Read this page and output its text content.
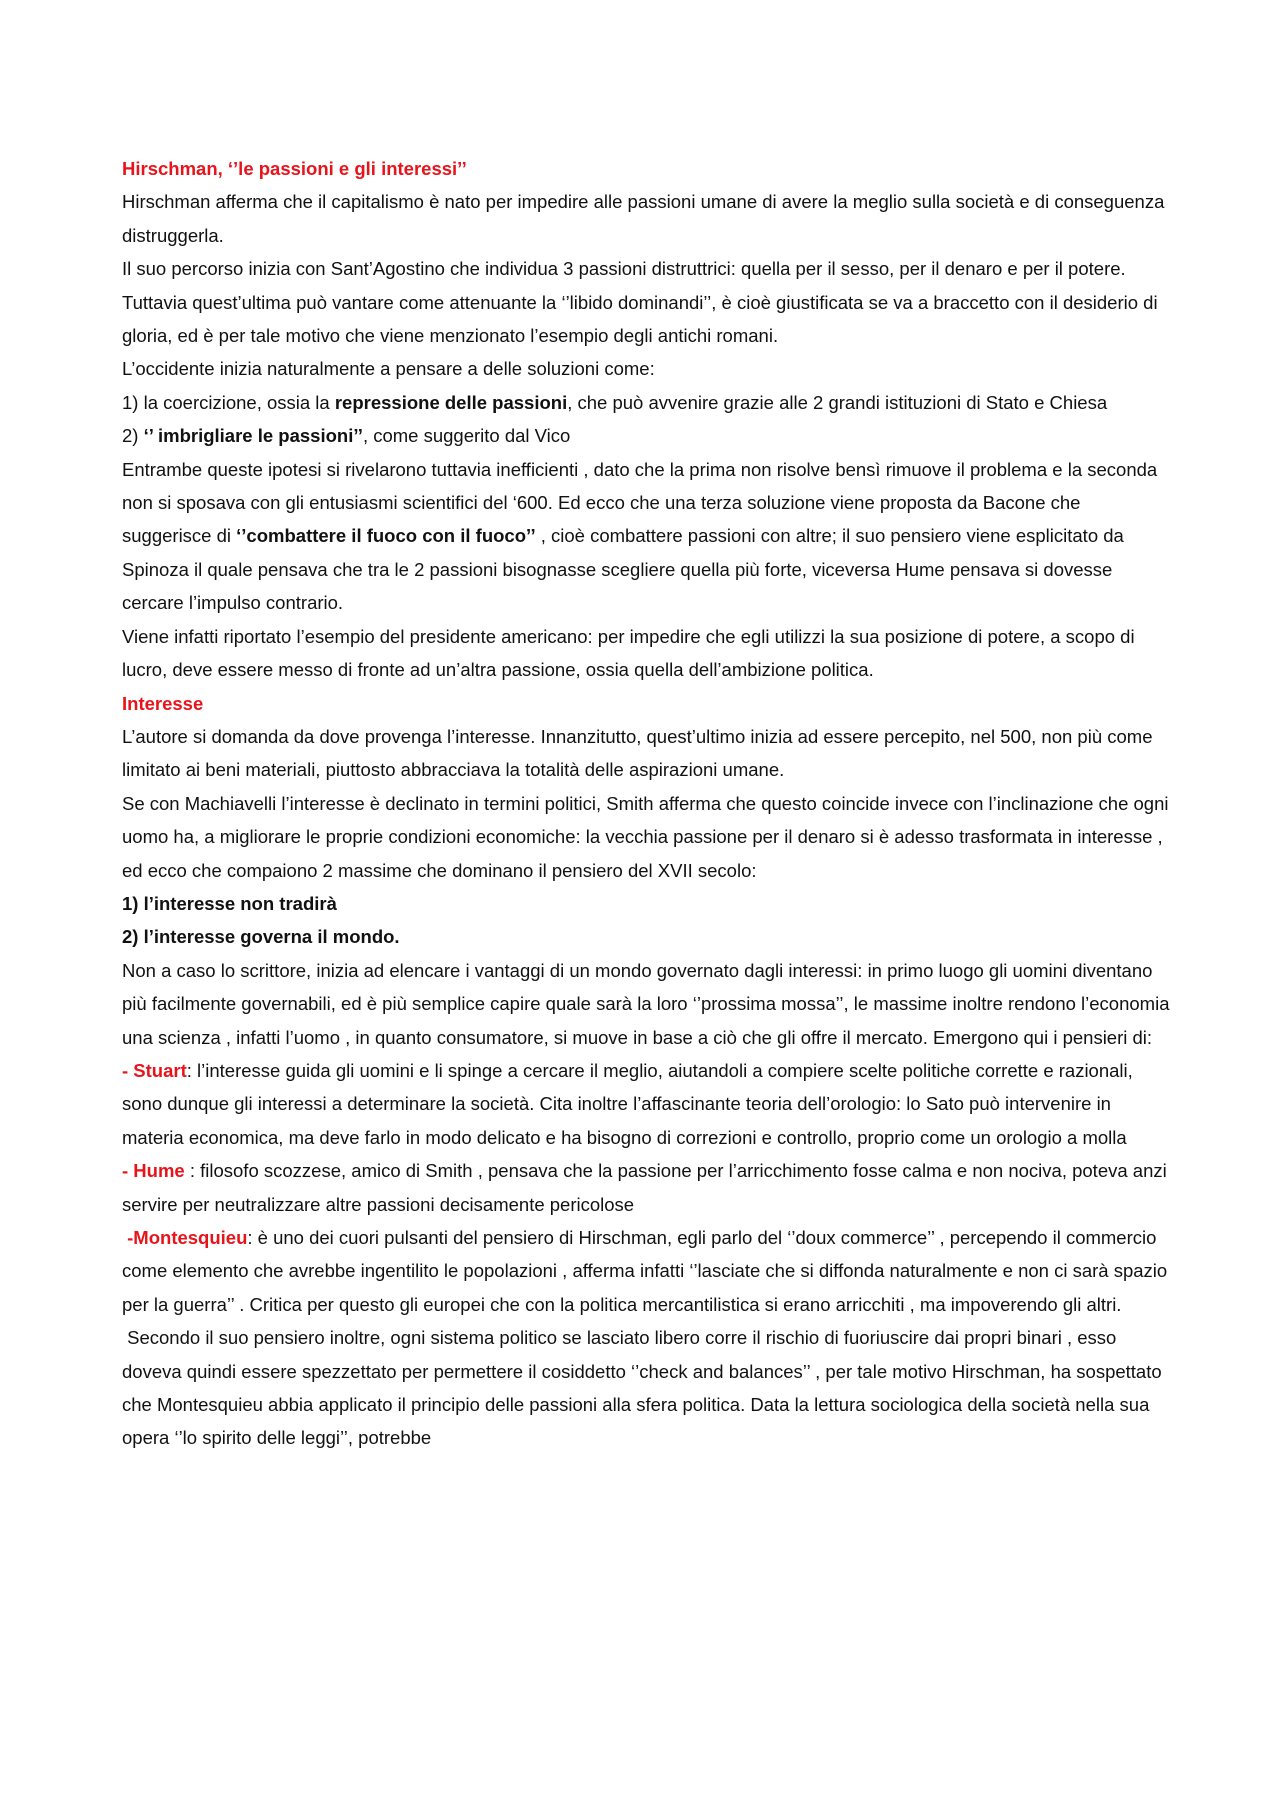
Hirschman, ‘’le passioni e gli interessi’’

Hirschman afferma che il capitalismo è nato per impedire alle passioni umane di avere la meglio sulla società e di conseguenza distruggerla.

Il suo percorso inizia con Sant’Agostino che individua 3 passioni distruttrici: quella per il sesso, per il denaro e per il potere. Tuttavia quest’ultima può vantare come attenuante la ‘’libido dominandi’’, è cioè giustificata se va a braccetto con il desiderio di gloria, ed è per tale motivo che viene menzionato l’esempio degli antichi romani.

L’occidente inizia naturalmente a pensare a delle soluzioni come:

1) la coercizione, ossia la repressione delle passioni, che può avvenire grazie alle 2 grandi istituzioni di Stato e Chiesa

2) ‘’ imbrigliare le passioni’’, come suggerito dal Vico

Entrambe queste ipotesi si rivelarono tuttavia inefficienti , dato che la prima non risolve bensì rimuove il problema e la seconda non si sposava con gli entusiasmi scientifici del ‘600. Ed ecco che una terza soluzione viene proposta da Bacone che suggerisce di ‘’combattere il fuoco con il fuoco’’ , cioè combattere passioni con altre; il suo pensiero viene esplicitato da Spinoza il quale pensava che tra le 2 passioni bisognasse scegliere quella più forte, viceversa Hume pensava si dovesse cercare l’impulso contrario.

Viene infatti riportato l’esempio del presidente americano: per impedire che egli utilizzi la sua posizione di potere, a scopo di lucro, deve essere messo di fronte ad un’altra passione, ossia quella dell’ambizione politica.

Interesse

L’autore si domanda da dove provenga l’interesse. Innanzitutto, quest’ultimo inizia ad essere percepito, nel 500, non più come limitato ai beni materiali, piuttosto abbracciava la totalità delle aspirazioni umane.

Se con Machiavelli l’interesse è declinato in termini politici, Smith afferma che questo coincide invece con l’inclinazione che ogni uomo ha, a migliorare le proprie condizioni economiche: la vecchia passione per il denaro si è adesso trasformata in interesse , ed ecco che compaiono 2 massime che dominano il pensiero del XVII secolo:

1) l’interesse non tradirà

2) l’interesse governa il mondo.

Non a caso lo scrittore, inizia ad elencare i vantaggi di un mondo governato dagli interessi: in primo luogo gli uomini diventano più facilmente governabili, ed è più semplice capire quale sarà la loro ‘’prossima mossa’’, le massime inoltre rendono l’economia una scienza , infatti l’uomo , in quanto consumatore, si muove in base a ciò che gli offre il mercato. Emergono qui i pensieri di:

- Stuart: l’interesse guida gli uomini e li spinge a cercare il meglio, aiutandoli a compiere scelte politiche corrette e razionali, sono dunque gli interessi a determinare la società. Cita inoltre l’affascinante teoria dell’orologio: lo Sato può intervenire in materia economica, ma deve farlo in modo delicato e ha bisogno di correzioni e controllo, proprio come un orologio a molla

- Hume : filosofo scozzese, amico di Smith , pensava che la passione per l’arricchimento fosse calma e non nociva, poteva anzi servire per neutralizzare altre passioni decisamente pericolose

-Montesquieu: è uno dei cuori pulsanti del pensiero di Hirschman, egli parlo del ‘’doux commerce’’ , percependo il commercio come elemento che avrebbe ingentilito le popolazioni , afferma infatti ‘’lasciate che si diffonda naturalmente e non ci sarà spazio per la guerra’’ . Critica per questo gli europei che con la politica mercantilistica si erano arricchiti , ma impoverendo gli altri.

Secondo il suo pensiero inoltre, ogni sistema politico se lasciato libero corre il rischio di fuoriuscire dai propri binari , esso doveva quindi essere spezzettato per permettere il cosiddetto ‘’check and balances’’ , per tale motivo Hirschman, ha sospettato che Montesquieu abbia applicato il principio delle passioni alla sfera politica. Data la lettura sociologica della società nella sua opera ‘’lo spirito delle leggi’’, potrebbe
